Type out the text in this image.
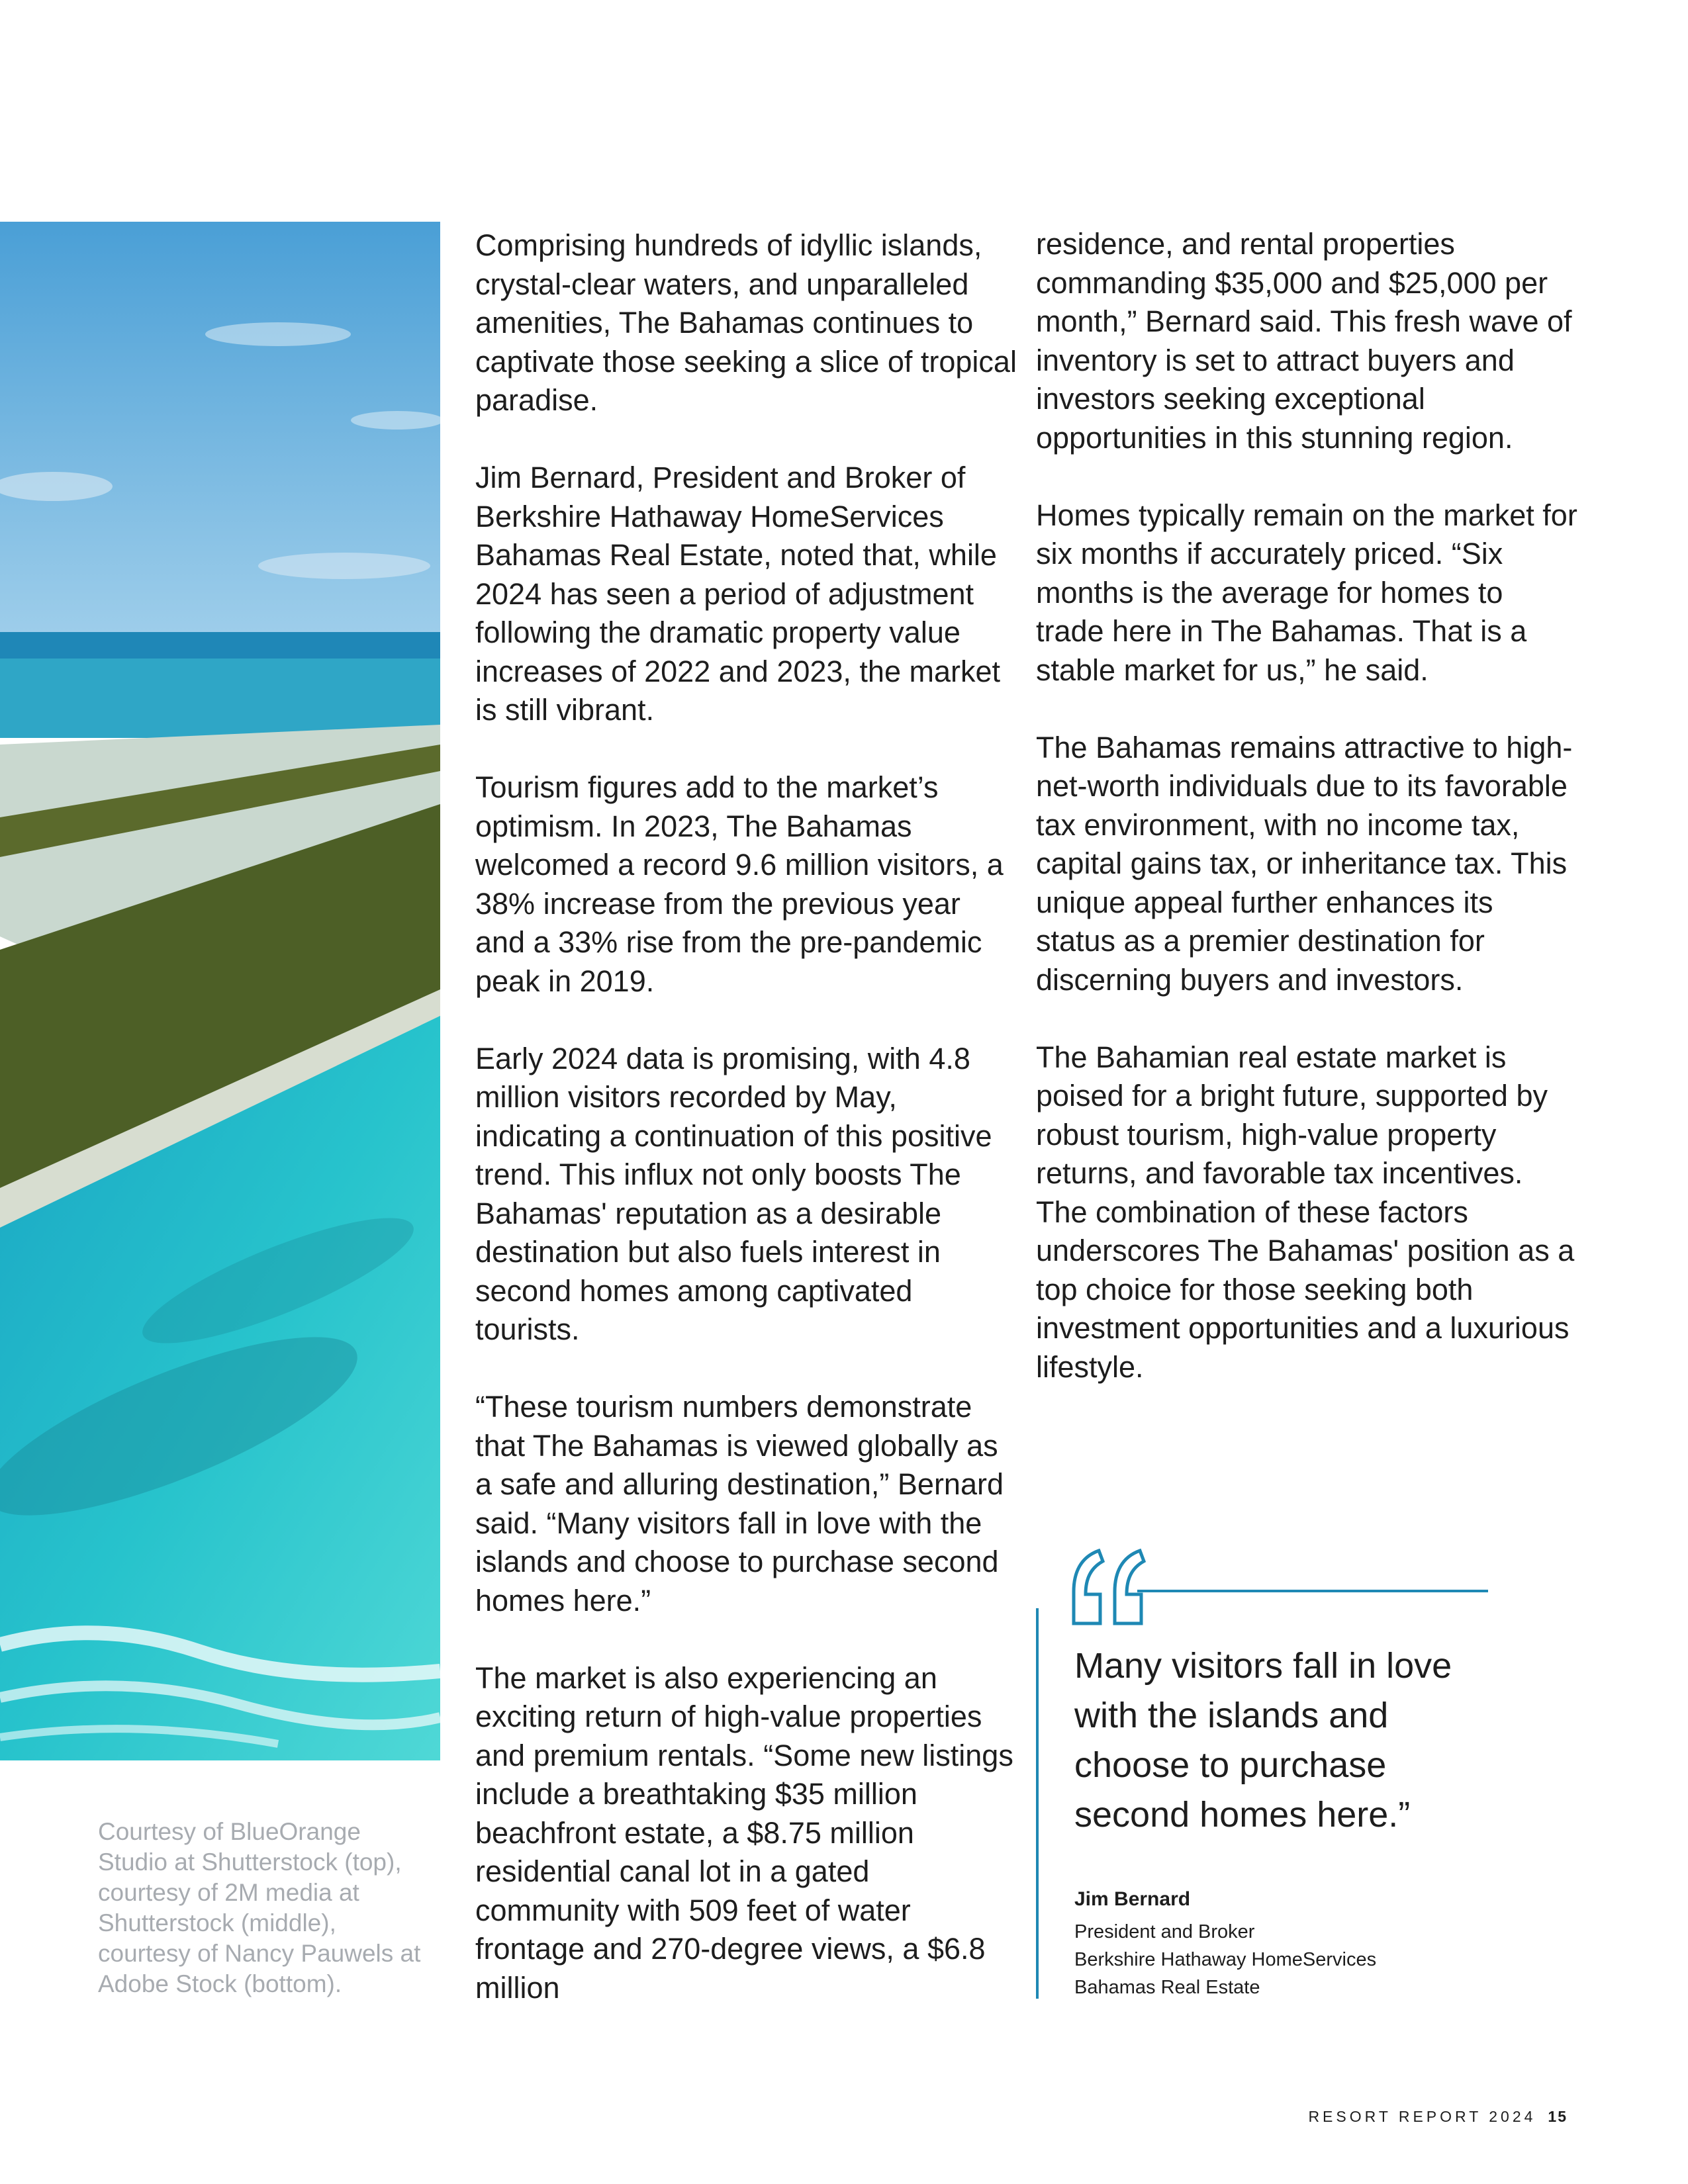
Courtesy of BlueOrange Studio at Shutterstock (top), courtesy of 2M media at Shutterstock (middle), courtesy of Nancy Pauwels at Adobe Stock (bottom).

Comprising hundreds of idyllic islands, crystal-clear waters, and unparalleled amenities, The Bahamas continues to captivate those seeking a slice of tropical paradise.

Jim Bernard, President and Broker of Berkshire Hathaway HomeServices Bahamas Real Estate, noted that, while 2024 has seen a period of adjustment following the dramatic property value increases of 2022 and 2023, the market is still vibrant.

Tourism figures add to the market’s optimism. In 2023, The Bahamas welcomed a record 9.6 million visitors, a 38% increase from the previous year and a 33% rise from the pre-pandemic peak in 2019.

Early 2024 data is promising, with 4.8 million visitors recorded by May, indicating a continuation of this positive trend. This influx not only boosts The Bahamas' reputation as a desirable destination but also fuels interest in second homes among captivated tourists.

“These tourism numbers demonstrate that The Bahamas is viewed globally as a safe and alluring destination,” Bernard said. “Many visitors fall in love with the islands and choose to purchase second homes here.”

The market is also experiencing an exciting return of high-value properties and premium rentals. “Some new listings include a breathtaking $35 million beachfront estate, a $8.75 million residential canal lot in a gated community with 509 feet of water frontage and 270-degree views, a $6.8 million

residence, and rental properties commanding $35,000 and $25,000 per month,” Bernard said. This fresh wave of inventory is set to attract buyers and investors seeking exceptional opportunities in this stunning region.

Homes typically remain on the market for six months if accurately priced. “Six months is the average for homes to trade here in The Bahamas. That is a stable market for us,” he said.

The Bahamas remains attractive to high-net-worth individuals due to its favorable tax environment, with no income tax, capital gains tax, or inheritance tax. This unique appeal further enhances its status as a premier destination for discerning buyers and investors.

The Bahamian real estate market is poised for a bright future, supported by robust tourism, high-value property returns, and favorable tax incentives. The combination of these factors underscores The Bahamas' position as a top choice for those seeking both investment opportunities and a luxurious lifestyle.

Many visitors fall in love with the islands and choose to purchase second homes here.”
Jim Bernard
President and Broker
Berkshire Hathaway HomeServices
Bahamas Real Estate
RESORT REPORT 2024 15
